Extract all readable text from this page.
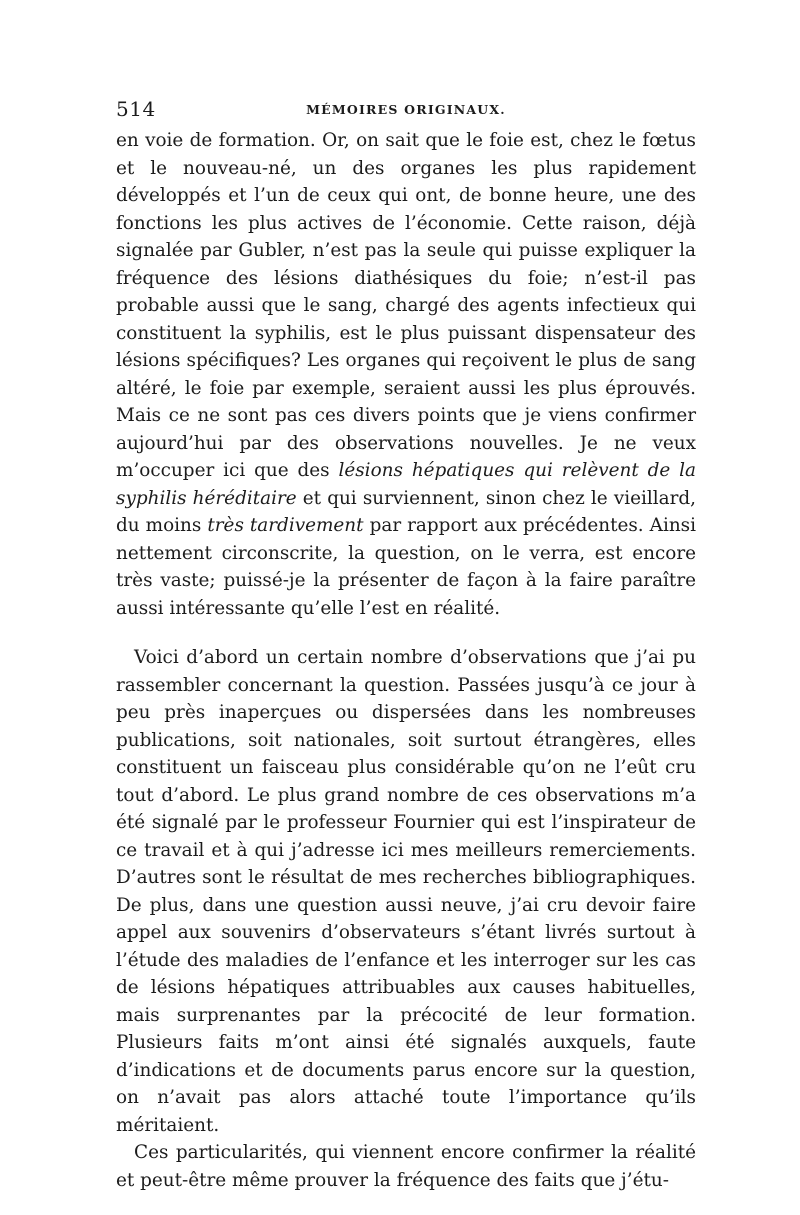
514	MÉMOIRES ORIGINAUX.

en voie de formation. Or, on sait que le foie est, chez le fœtus et le nouveau-né, un des organes les plus rapidement développés et l’un de ceux qui ont, de bonne heure, une des fonctions les plus actives de l’économie. Cette raison, déjà signalée par Gubler, n’est pas la seule qui puisse expliquer la fréquence des lésions diathésiques du foie; n’est-il pas probable aussi que le sang, chargé des agents infectieux qui constituent la syphilis, est le plus puissant dispensateur des lésions spécifiques? Les organes qui reçoivent le plus de sang altéré, le foie par exemple, seraient aussi les plus éprouvés. Mais ce ne sont pas ces divers points que je viens confirmer aujourd’hui par des observations nouvelles. Je ne veux m’occuper ici que des lésions hépatiques qui relèvent de la syphilis héréditaire et qui surviennent, sinon chez le vieillard, du moins très tardivement par rapport aux précédentes. Ainsi nettement circonscrite, la question, on le verra, est encore très vaste; puissé-je la présenter de façon à la faire paraître aussi intéressante qu’elle l’est en réalité.

Voici d’abord un certain nombre d’observations que j’ai pu rassembler concernant la question. Passées jusqu’à ce jour à peu près inaperçues ou dispersées dans les nombreuses publications, soit nationales, soit surtout étrangères, elles constituent un faisceau plus considérable qu’on ne l’eût cru tout d’abord. Le plus grand nombre de ces observations m’a été signalé par le professeur Fournier qui est l’inspirateur de ce travail et à qui j’adresse ici mes meilleurs remerciements. D’autres sont le résultat de mes recherches bibliographiques. De plus, dans une question aussi neuve, j’ai cru devoir faire appel aux souvenirs d’observateurs s’étant livrés surtout à l’étude des maladies de l’enfance et les interroger sur les cas de lésions hépatiques attribuables aux causes habituelles, mais surprenantes par la précocité de leur formation. Plusieurs faits m’ont ainsi été signalés auxquels, faute d’indications et de documents parus encore sur la question, on n’avait pas alors attaché toute l’importance qu’ils méritaient.

Ces particularités, qui viennent encore confirmer la réalité et peut-être même prouver la fréquence des faits que j’étu-
